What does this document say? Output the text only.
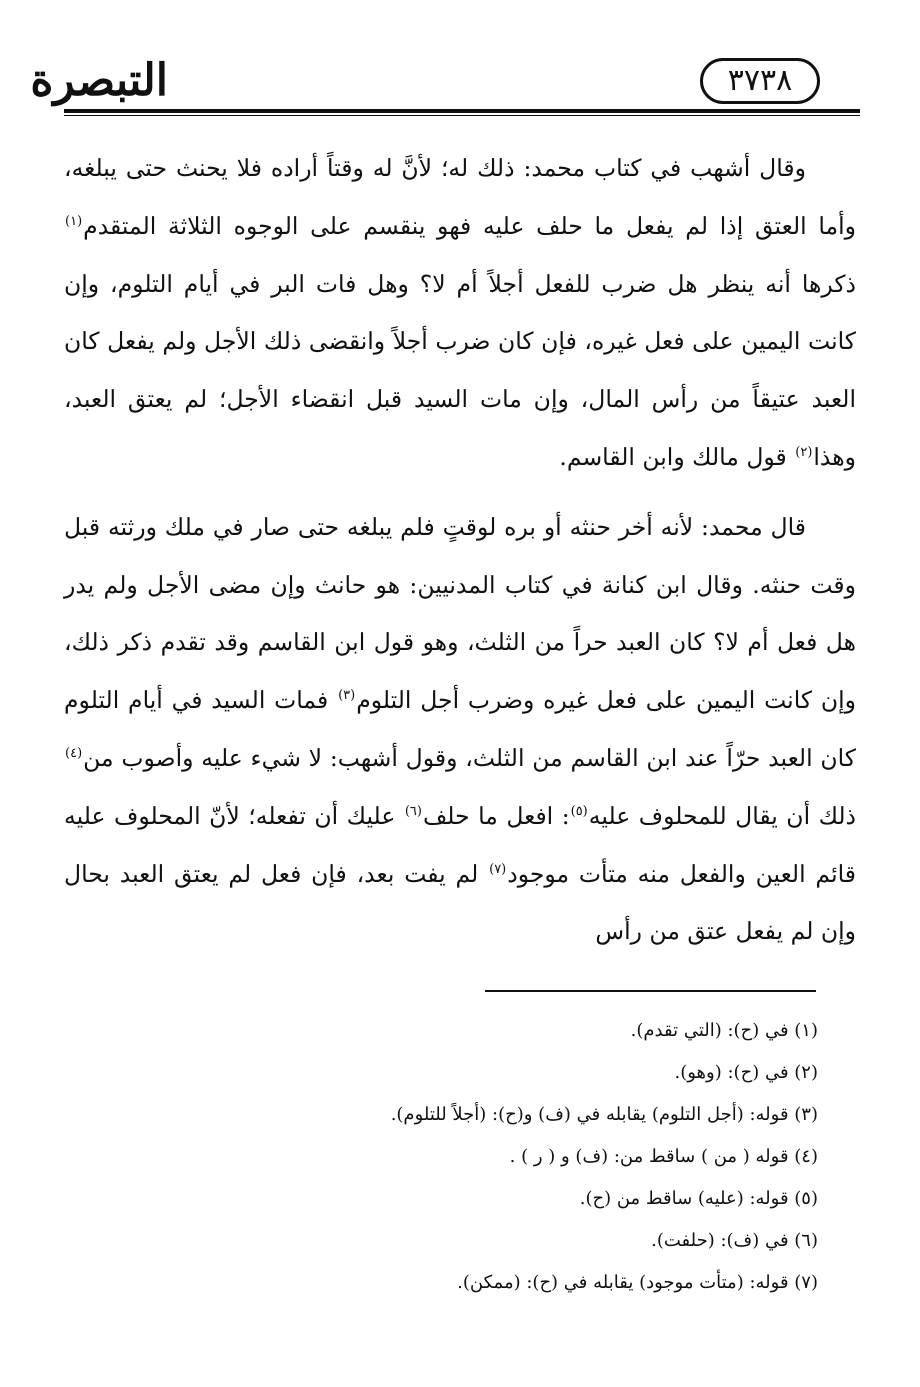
التبصرة	٣٧٣٨

وقال أشهب في كتاب محمد: ذلك له؛ لأنَّ له وقتاً أراده فلا يحنث حتى يبلغه، وأما العتق إذا لم يفعل ما حلف عليه فهو ينقسم على الوجوه الثلاثة المتقدم$^{(١)}$ ذكرها أنه ينظر هل ضرب للفعل أجلاً أم لا؟ وهل فات البر في أيام التلوم، وإن كانت اليمين على فعل غيره، فإن كان ضرب أجلاً وانقضى ذلك الأجل ولم يفعل كان العبد عتيقاً من رأس المال، وإن مات السيد قبل انقضاء الأجل؛ لم يعتق العبد، وهذا$^{(٢)}$ قول مالك وابن القاسم.

قال محمد: لأنه أخر حنثه أو بره لوقتٍ فلم يبلغه حتى صار في ملك ورثته قبل وقت حنثه. وقال ابن كنانة في كتاب المدنيين: هو حانث وإن مضى الأجل ولم يدر هل فعل أم لا؟ كان العبد حراً من الثلث، وهو قول ابن القاسم وقد تقدم ذكر ذلك، وإن كانت اليمين على فعل غيره وضرب أجل التلوم$^{(٣)}$ فمات السيد في أيام التلوم كان العبد حرّاً عند ابن القاسم من الثلث، وقول أشهب: لا شيء عليه وأصوب من$^{(٤)}$ ذلك أن يقال للمحلوف عليه$^{(٥)}$: افعل ما حلف$^{(٦)}$ عليك أن تفعله؛ لأنّ المحلوف عليه قائم العين والفعل منه متأت موجود$^{(٧)}$ لم يفت بعد، فإن فعل لم يعتق العبد بحال وإن لم يفعل عتق من رأس

(١) في (ح): (التي تقدم).
(٢) في (ح): (وهو).
(٣) قوله: (أجل التلوم) يقابله في (ف) و(ح): (أجلاً للتلوم).
(٤) قوله ( من ) ساقط من: (ف) و ( ر ) .
(٥) قوله: (عليه) ساقط من (ح).
(٦) في (ف): (حلفت).
(٧) قوله: (متأت موجود) يقابله في (ح): (ممكن).
